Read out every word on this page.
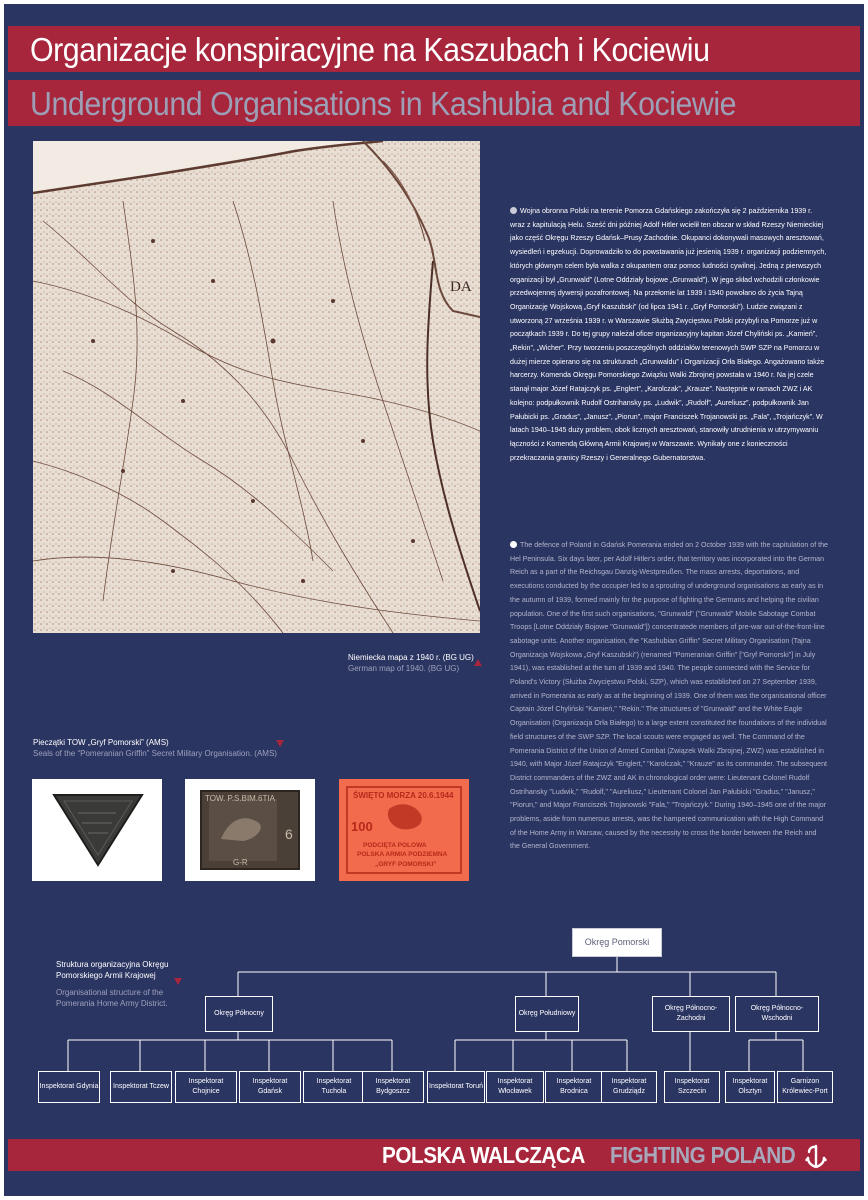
Organizacje konspiracyjne na Kaszubach i Kociewiu
Underground Organisations in Kashubia and Kociewie
DA
Niemiecka mapa z 1940 r. (BG UG)
German map of 1940. (BG UG)
Wojna obronna Polski na terenie Pomorza Gdańskiego zakończyła się 2 października 1939 r. wraz z kapitulacją Helu. Sześć dni później Adolf Hitler wcielił ten obszar w skład Rzeszy Niemieckiej jako część Okręgu Rzeszy Gdańsk–Prusy Zachodnie. Okupanci dokonywali masowych aresztowań, wysiedleń i egzekucji. Doprowadziło to do powstawania już jesienią 1939 r. organizacji podziemnych, których głównym celem była walka z okupantem oraz pomoc ludności cywilnej. Jedną z pierwszych organizacji był „Grunwald” (Lotne Oddziały bojowe „Grunwald”). W jego skład wchodzili członkowie przedwojennej dywersji pozafrontowej. Na przełomie lat 1939 i 1940 powołano do życia Tajną Organizację Wojskową „Gryf Kaszubski” (od lipca 1941 r. „Gryf Pomorski”). Ludzie związani z utworzoną 27 września 1939 r. w Warszawie Służbą Zwycięstwu Polski przybyli na Pomorze już w początkach 1939 r. Do tej grupy należał oficer organizacyjny kapitan Józef Chyliński ps. „Kamień”, „Rekin”, „Wicher”. Przy tworzeniu poszczególnych oddziałów terenowych SWP SZP na Pomorzu w dużej mierze opierano się na strukturach „Grunwaldu” i Organizacji Orła Białego. Angażowano także harcerzy. Komenda Okręgu Pomorskiego Związku Walki Zbrojnej powstała w 1940 r. Na jej czele stanął major Józef Ratajczyk ps. „Englert”, „Karolczak”, „Krauze”. Następnie w ramach ZWZ i AK kolejno: podpułkownik Rudolf Ostrihansky ps. „Ludwik”, „Rudolf”, „Aureliusz”, podpułkownik Jan Pałubicki ps. „Gradus”, „Janusz”, „Piorun”, major Franciszek Trojanowski ps. „Fala”, „Trojańczyk”. W latach 1940–1945 duży problem, obok licznych aresztowań, stanowiły utrudnienia w utrzymywaniu łączności z Komendą Główną Armii Krajowej w Warszawie. Wynikały one z konieczności przekraczania granicy Rzeszy i Generalnego Gubernatorstwa.
The defence of Poland in Gdańsk Pomerania ended on 2 October 1939 with the capitulation of the Hel Peninsula. Six days later, per Adolf Hitler's order, that territory was incorporated into the German Reich as a part of the Reichsgau Danzig-Westpreußen. The mass arrests, deportations, and executions conducted by the occupier led to a sprouting of underground organisations as early as in the autumn of 1939, formed mainly for the purpose of fighting the Germans and helping the civilian population. One of the first such organisations, "Grunwald" ("Grunwald" Mobile Sabotage Combat Troops [Lotne Oddziały Bojowe "Grunwald"]) concentratede members of pre-war out-of-the-front-line sabotage units. Another organisation, the "Kashubian Griffin" Secret Military Organisation (Tajna Organizacja Wojskowa „Gryf Kaszubski") (renamed "Pomeranian Griffin" ["Gryf Pomorski"] in July 1941), was established at the turn of 1939 and 1940. The people connected with the Service for Poland's Victory (Służba Zwycięstwu Polski, SZP), which was established on 27 September 1939, arrived in Pomerania as early as at the beginning of 1939. One of them was the organisational officer Captain Józef Chyliński "Kamień," "Rekin." The structures of "Grunwald" and the White Eagle Organisation (Organizacja Orła Białego) to a large extent constituted the foundations of the individual field structures of the SWP SZP. The local scouts were engaged as well. The Command of the Pomerania District of the Union of Armed Combat (Związek Walki Zbrojnej, ZWZ) was established in 1940, with Major Józef Ratajczyk "Englert," "Karolczak," "Krauze" as its commander. The subsequent District commanders of the ZWZ and AK in chronological order were: Lieutenant Colonel Rudolf Ostrihansky "Ludwik," "Rudolf," "Aureliusz," Lieutenant Colonel Jan Pałubicki "Gradus," "Janusz," "Piorun," and Major Franciszek Trojanowski "Fala," "Trojańczyk." During 1940–1945 one of the major problems, aside from numerous arrests, was the hampered communication with the High Command of the Home Army in Warsaw, caused by the necessity to cross the border between the Reich and the General Government.
Pieczątki TOW „Gryf Pomorski” (AMS)
Seals of the “Pomeranian Griffin” Secret Military Organisation. (AMS)
TOW. P.S.BIM.6TIA
6
G-R
ŚWIĘTO MORZA 20.6.1944
100
PODCIĘTA POLOWA
POLSKA ARMIA PODZIEMNA
„GRYF POMORSKI”
Struktura organizacyjna Okręgu Pomorskiego Armii Krajowej
Organisational structure of the Pomerania Home Army District.
Okręg Pomorski
Okręg Północny	Okręg Południowy
Okręg Północno-Zachodni
Okręg Północno-Wschodni
Inspektorat Gdynia	Inspektorat Tczew
Inspektorat Chojnice
Inspektorat Gdańsk
Inspektorat Tuchola
Inspektorat Bydgoszcz
Inspektorat Toruń
Inspektorat Włocławek
Inspektorat Brodnica
Inspektorat Grudziądz
Inspektorat Szczecin
Inspektorat Olsztyn
Garnizon Królewiec-Port
POLSKA WALCZĄCA FIGHTING POLAND
